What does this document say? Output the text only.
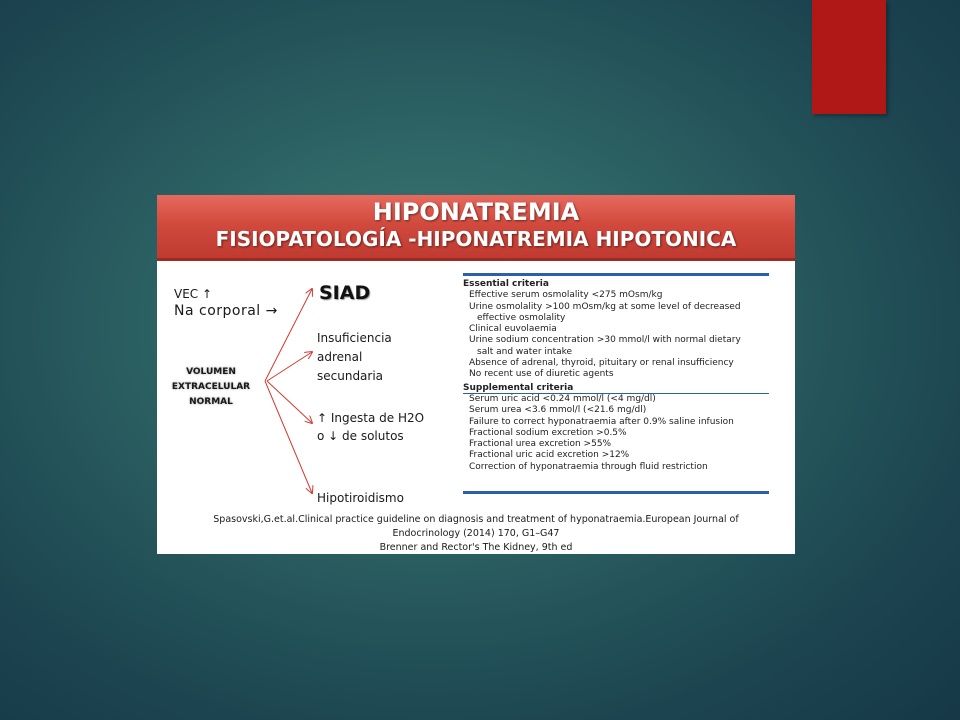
HIPONATREMIA
FISIOPATOLOGÍA -HIPONATREMIA HIPOTONICA
VEC ↑
Na corporal →
VOLUMEN
EXTRACELULAR
NORMAL
SIAD
Insuficiencia adrenal secundaria
↑ Ingesta de H2O o ↓ de solutos
Hipotiroidismo
Essential criteria
Effective serum osmolality <275 mOsm/kg
Urine osmolality >100 mOsm/kg at some level of decreased
effective osmolality
Clinical euvolaemia
Urine sodium concentration >30 mmol/l with normal dietary
salt and water intake
Absence of adrenal, thyroid, pituitary or renal insufficiency
No recent use of diuretic agents
Supplemental criteria
Serum uric acid <0.24 mmol/l (<4 mg/dl)
Serum urea <3.6 mmol/l (<21.6 mg/dl)
Failure to correct hyponatraemia after 0.9% saline infusion
Fractional sodium excretion >0.5%
Fractional urea excretion >55%
Fractional uric acid excretion >12%
Correction of hyponatraemia through fluid restriction
Spasovski,G.et.al.Clinical practice guideline on diagnosis and treatment of hyponatraemia.European Journal of
Endocrinology (2014) 170, G1–G47
Brenner and Rector's The Kidney, 9th ed
